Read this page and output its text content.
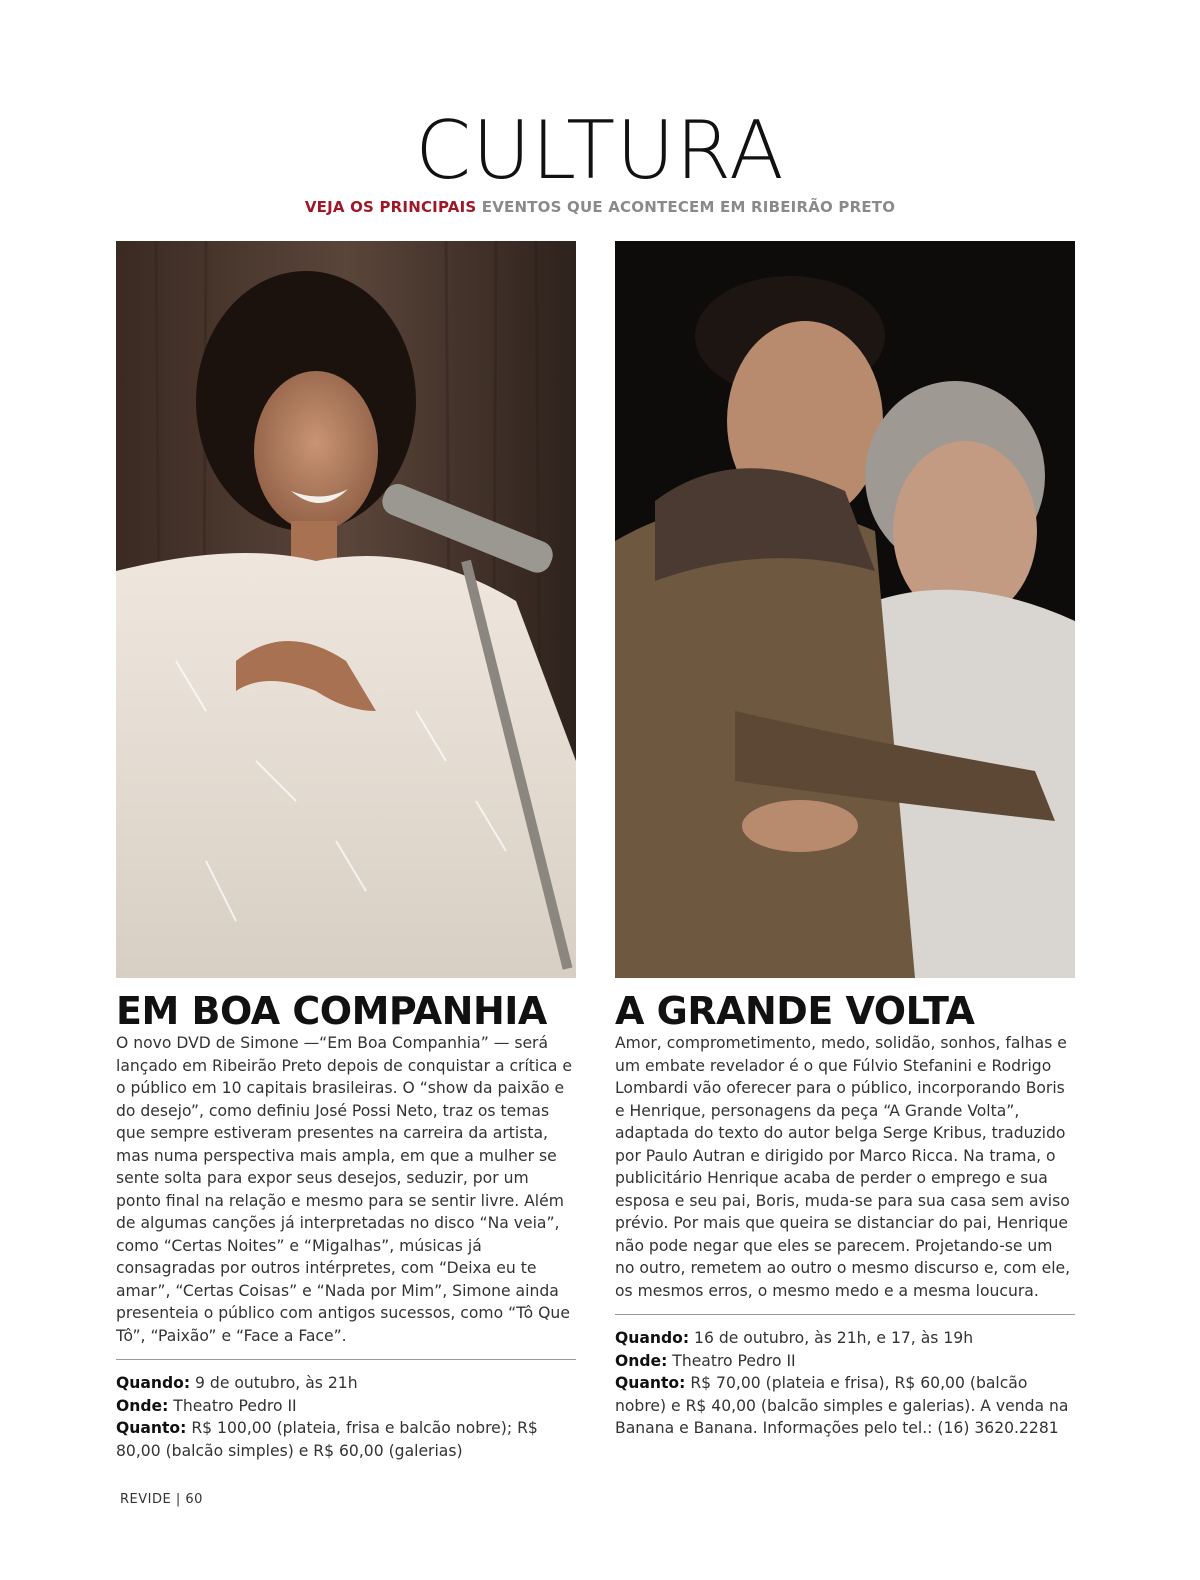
CULTURA
VEJA OS PRINCIPAIS EVENTOS QUE ACONTECEM EM RIBEIRÃO PRETO
EM BOA COMPANHIA

O novo DVD de Simone —“Em Boa Companhia” — será lançado em Ribeirão Preto depois de conquistar a crítica e o público em 10 capitais brasileiras. O “show da paixão e do desejo”, como definiu José Possi Neto, traz os temas que sempre estiveram presentes na carreira da artista, mas numa perspectiva mais ampla, em que a mulher se sente solta para expor seus desejos, seduzir, por um ponto final na relação e mesmo para se sentir livre. Além de algumas canções já interpretadas no disco “Na veia”, como “Certas Noites” e “Migalhas”, músicas já consagradas por outros intérpretes, com “Deixa eu te amar”, “Certas Coisas” e “Nada por Mim”, Simone ainda presenteia o público com antigos sucessos, como “Tô Que Tô”, “Paixão” e “Face a Face”.

Quando: 9 de outubro, às 21h
Onde: Theatro Pedro II
Quanto: R$ 100,00 (plateia, frisa e balcão nobre); R$ 80,00 (balcão simples) e R$ 60,00 (galerias)
A GRANDE VOLTA

Amor, comprometimento, medo, solidão, sonhos, falhas e um embate revelador é o que Fúlvio Stefanini e Rodrigo Lombardi vão oferecer para o público, incorporando Boris e Henrique, personagens da peça “A Grande Volta”, adaptada do texto do autor belga Serge Kribus, traduzido por Paulo Autran e dirigido por Marco Ricca. Na trama, o publicitário Henrique acaba de perder o emprego e sua esposa e seu pai, Boris, muda-se para sua casa sem aviso prévio. Por mais que queira se distanciar do pai, Henrique não pode negar que eles se parecem. Projetando-se um no outro, remetem ao outro o mesmo discurso e, com ele, os mesmos erros, o mesmo medo e a mesma loucura.

Quando: 16 de outubro, às 21h, e 17, às 19h
Onde: Theatro Pedro II
Quanto: R$ 70,00 (plateia e frisa), R$ 60,00 (balcão nobre) e R$ 40,00 (balcão simples e galerias). A venda na Banana e Banana. Informações pelo tel.: (16) 3620.2281
REVIDE | 60
